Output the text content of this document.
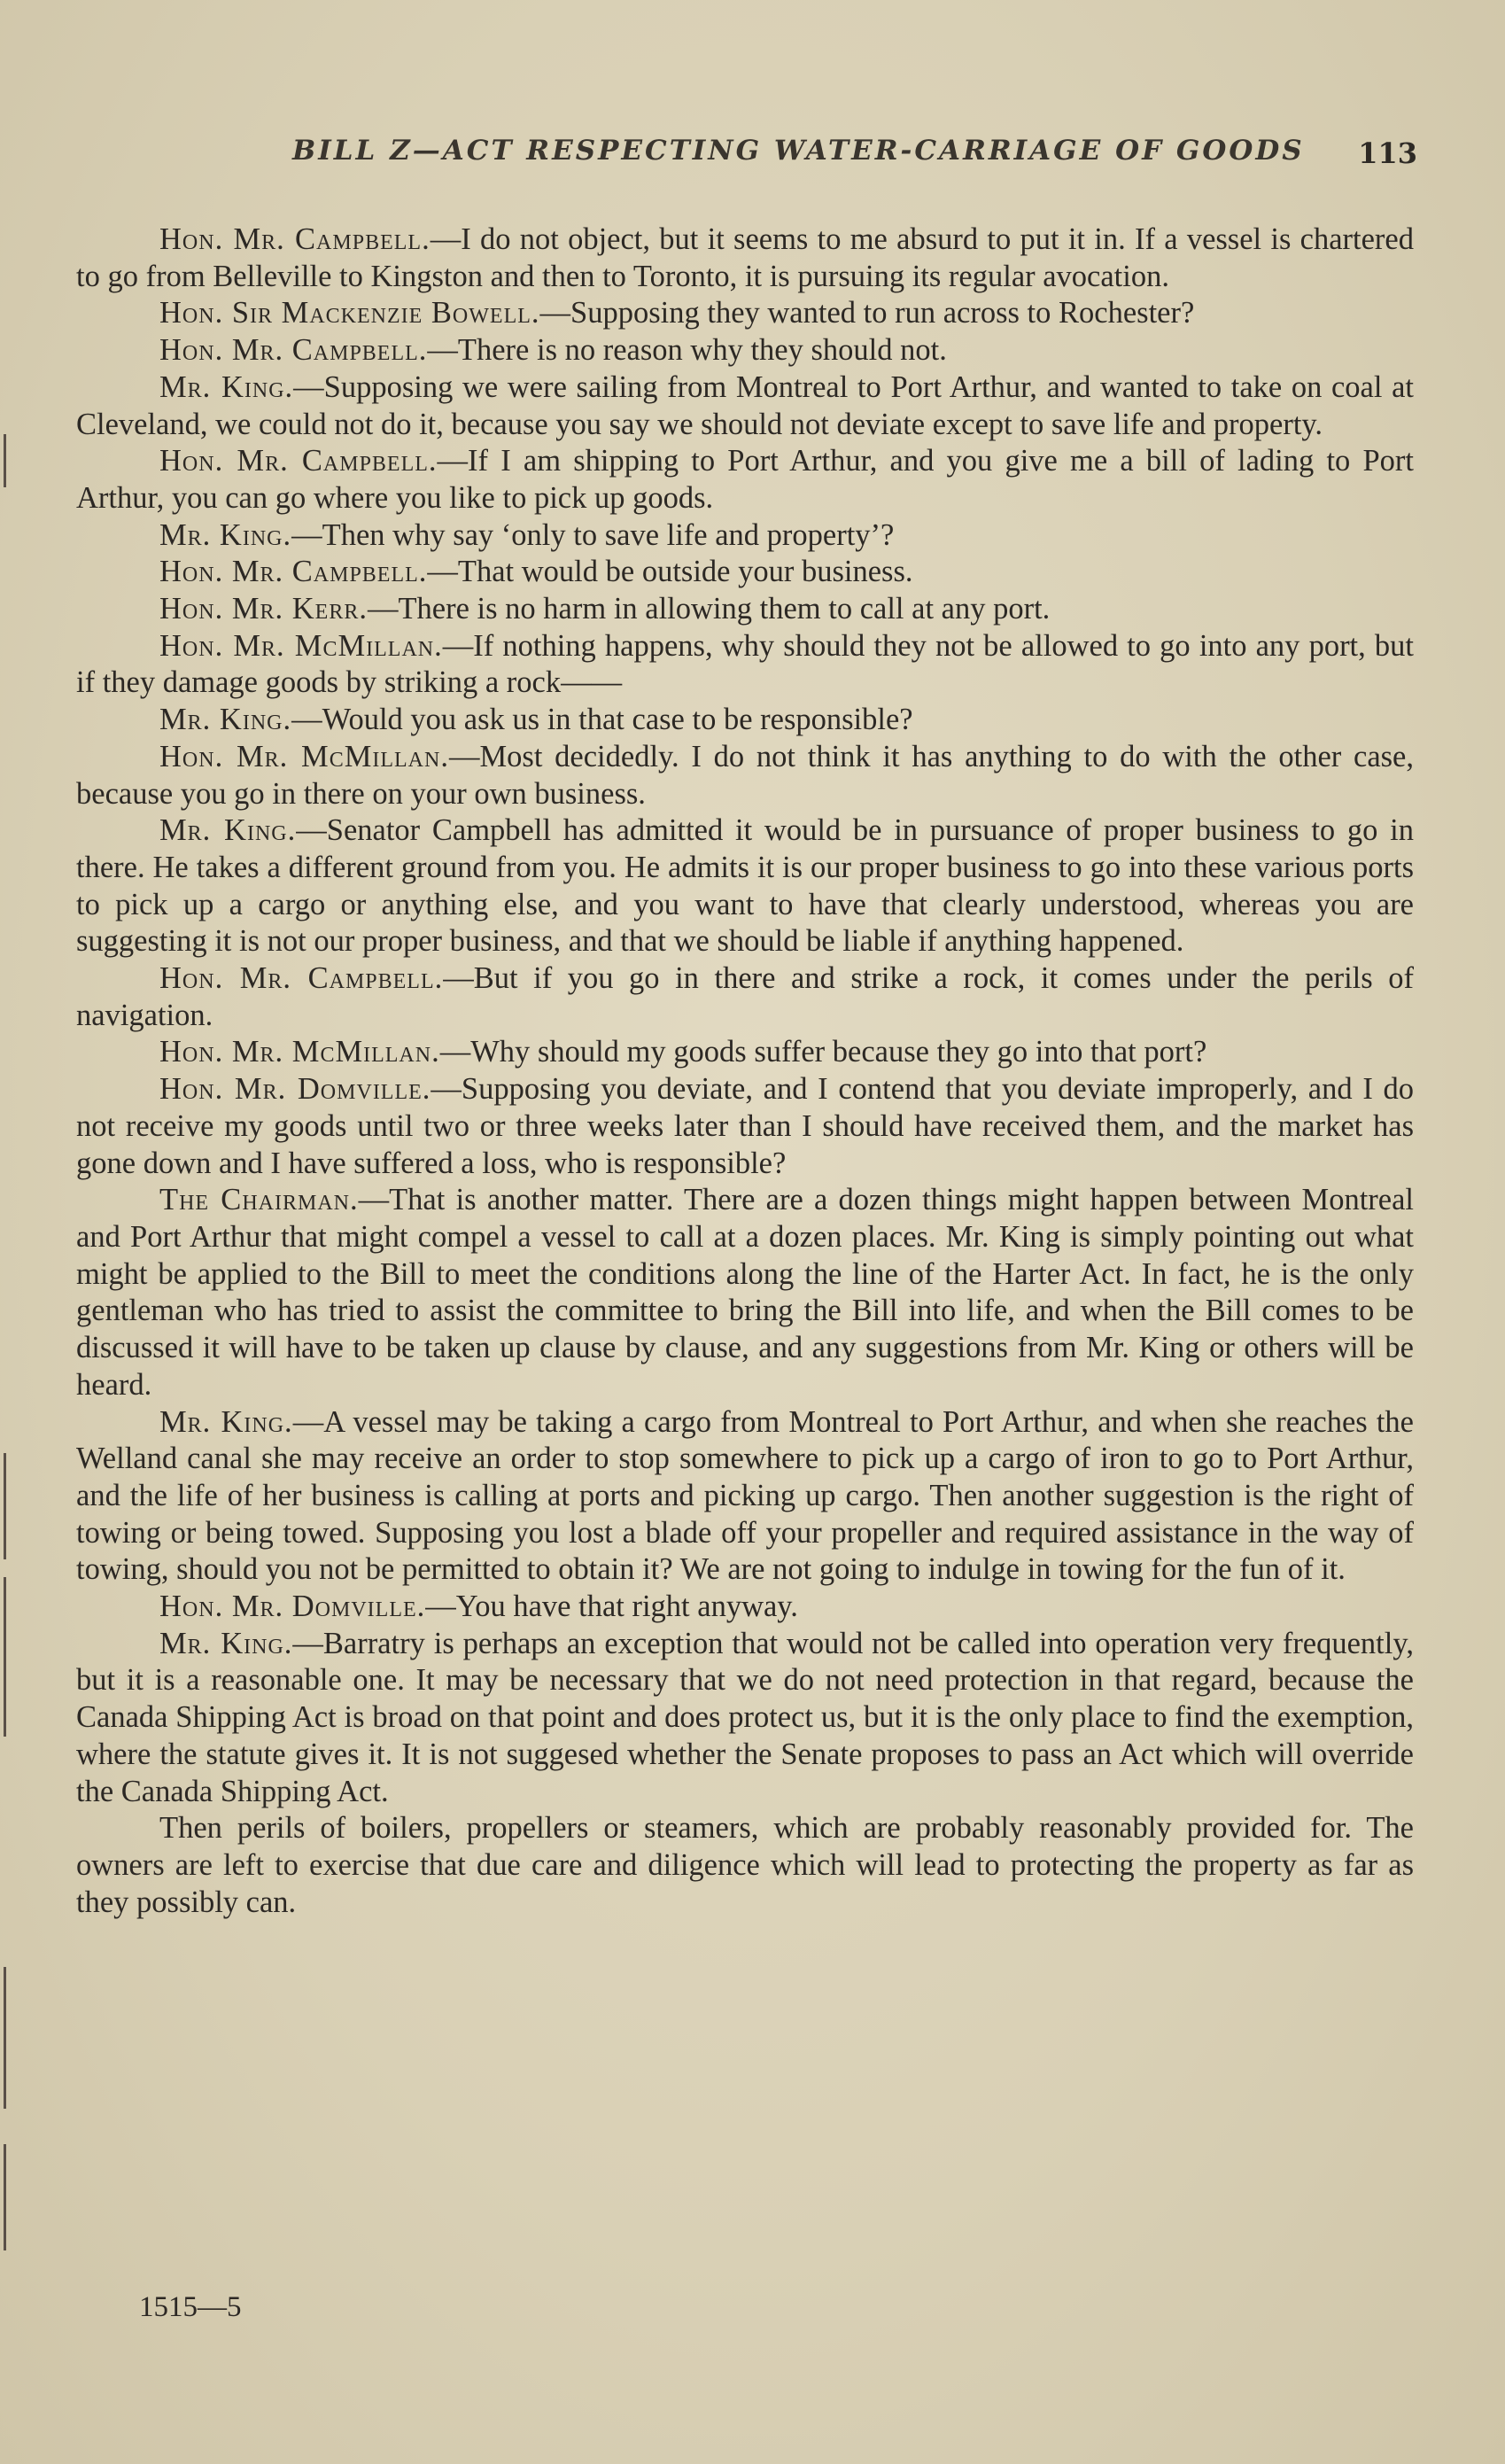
BILL Z—ACT RESPECTING WATER-CARRIAGE OF GOODS 113

Hon. Mr. Campbell.—I do not object, but it seems to me absurd to put it in. If a vessel is chartered to go from Belleville to Kingston and then to Toronto, it is pursuing its regular avocation.

Hon. Sir Mackenzie Bowell.—Supposing they wanted to run across to Rochester?

Hon. Mr. Campbell.—There is no reason why they should not.

Mr. King.—Supposing we were sailing from Montreal to Port Arthur, and wanted to take on coal at Cleveland, we could not do it, because you say we should not deviate except to save life and property.

Hon. Mr. Campbell.—If I am shipping to Port Arthur, and you give me a bill of lading to Port Arthur, you can go where you like to pick up goods.

Mr. King.—Then why say ‘only to save life and property’?

Hon. Mr. Campbell.—That would be outside your business.

Hon. Mr. Kerr.—There is no harm in allowing them to call at any port.

Hon. Mr. McMillan.—If nothing happens, why should they not be allowed to go into any port, but if they damage goods by striking a rock——

Mr. King.—Would you ask us in that case to be responsible?

Hon. Mr. McMillan.—Most decidedly. I do not think it has anything to do with the other case, because you go in there on your own business.

Mr. King.—Senator Campbell has admitted it would be in pursuance of proper business to go in there. He takes a different ground from you. He admits it is our proper business to go into these various ports to pick up a cargo or anything else, and you want to have that clearly understood, whereas you are suggesting it is not our proper business, and that we should be liable if anything happened.

Hon. Mr. Campbell.—But if you go in there and strike a rock, it comes under the perils of navigation.

Hon. Mr. McMillan.—Why should my goods suffer because they go into that port?

Hon. Mr. Domville.—Supposing you deviate, and I contend that you deviate improperly, and I do not receive my goods until two or three weeks later than I should have received them, and the market has gone down and I have suffered a loss, who is responsible?

The Chairman.—That is another matter. There are a dozen things might happen between Montreal and Port Arthur that might compel a vessel to call at a dozen places. Mr. King is simply pointing out what might be applied to the Bill to meet the conditions along the line of the Harter Act. In fact, he is the only gentleman who has tried to assist the committee to bring the Bill into life, and when the Bill comes to be discussed it will have to be taken up clause by clause, and any suggestions from Mr. King or others will be heard.

Mr. King.—A vessel may be taking a cargo from Montreal to Port Arthur, and when she reaches the Welland canal she may receive an order to stop somewhere to pick up a cargo of iron to go to Port Arthur, and the life of her business is calling at ports and picking up cargo. Then another suggestion is the right of towing or being towed. Supposing you lost a blade off your propeller and required assistance in the way of towing, should you not be permitted to obtain it? We are not going to indulge in towing for the fun of it.

Hon. Mr. Domville.—You have that right anyway.

Mr. King.—Barratry is perhaps an exception that would not be called into operation very frequently, but it is a reasonable one. It may be necessary that we do not need protection in that regard, because the Canada Shipping Act is broad on that point and does protect us, but it is the only place to find the exemption, where the statute gives it. It is not suggesed whether the Senate proposes to pass an Act which will override the Canada Shipping Act.

Then perils of boilers, propellers or steamers, which are probably reasonably provided for. The owners are left to exercise that due care and diligence which will lead to protecting the property as far as they possibly can.

1515—5
